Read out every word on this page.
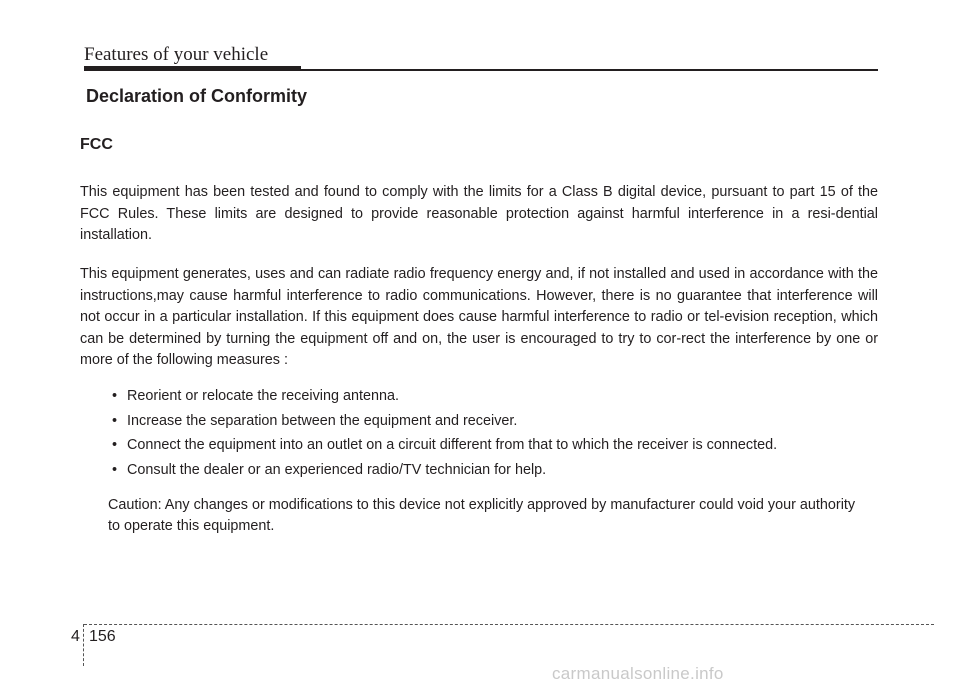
Features of your vehicle
Declaration of Conformity
FCC

This equipment has been tested and found to comply with the limits for a Class B digital device, pursuant to part 15 of the FCC Rules. These limits are designed to provide reasonable protection against harmful interference in a resi-dential installation.

This equipment generates, uses and can radiate radio frequency energy and, if not installed and used in accordance with the instructions,may cause harmful interference to radio communications. However, there is no guarantee that interference will not occur in a particular installation. If this equipment does cause harmful interference to radio or tel-evision reception, which can be determined by turning the equipment off and on, the user is encouraged to try to cor-rect the interference by one or more of the following measures :

• Reorient or relocate the receiving antenna.
• Increase the separation between the equipment and receiver.
• Connect the equipment into an outlet on a circuit different from that to which the receiver is connected.
• Consult the dealer or an experienced radio/TV technician for help.

Caution: Any changes or modifications to this device not explicitly approved by manufacturer could void your authority to operate this equipment.

4 156
carmanualsonline.info
